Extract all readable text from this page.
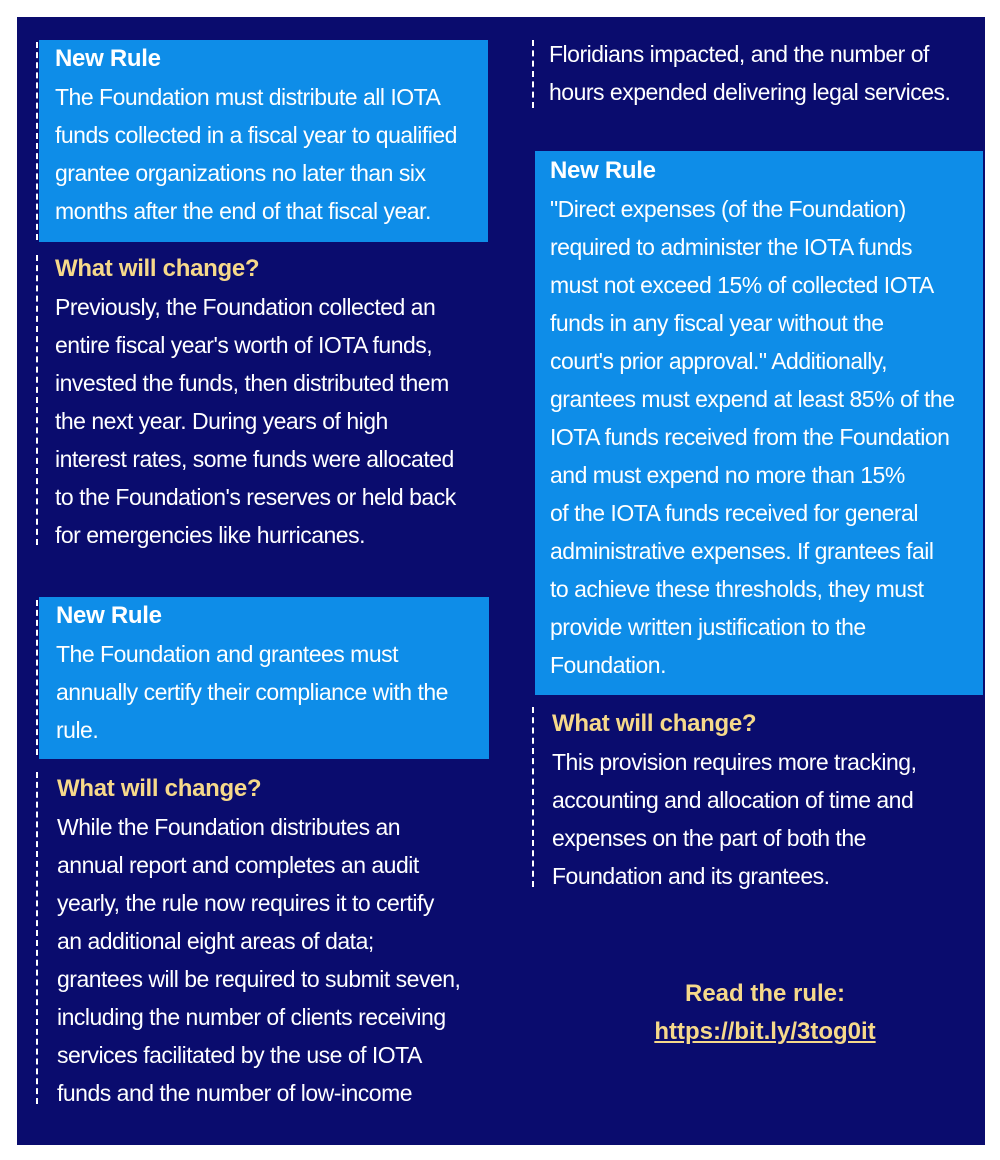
New Rule

The Foundation must distribute all IOTA
funds collected in a fiscal year to qualified
grantee organizations no later than six
months after the end of that fiscal year.

What will change?

Previously, the Foundation collected an
entire fiscal year's worth of IOTA funds,
invested the funds, then distributed them
the next year. During years of high
interest rates, some funds were allocated
to the Foundation's reserves or held back
for emergencies like hurricanes.

New Rule

The Foundation and grantees must
annually certify their compliance with the
rule.

What will change?

While the Foundation distributes an
annual report and completes an audit
yearly, the rule now requires it to certify
an additional eight areas of data;
grantees will be required to submit seven,
including the number of clients receiving
services facilitated by the use of IOTA
funds and the number of low-income

Floridians impacted, and the number of
hours expended delivering legal services.

New Rule

"Direct expenses (of the Foundation)
required to administer the IOTA funds
must not exceed 15% of collected IOTA
funds in any fiscal year without the
court's prior approval." Additionally,
grantees must expend at least 85% of the
IOTA funds received from the Foundation
and must expend no more than 15%
of the IOTA funds received for general
administrative expenses. If grantees fail
to achieve these thresholds, they must
provide written justification to the
Foundation.

What will change?

This provision requires more tracking,
accounting and allocation of time and
expenses on the part of both the
Foundation and its grantees.

Read the rule:
https://bit.ly/3tog0it
